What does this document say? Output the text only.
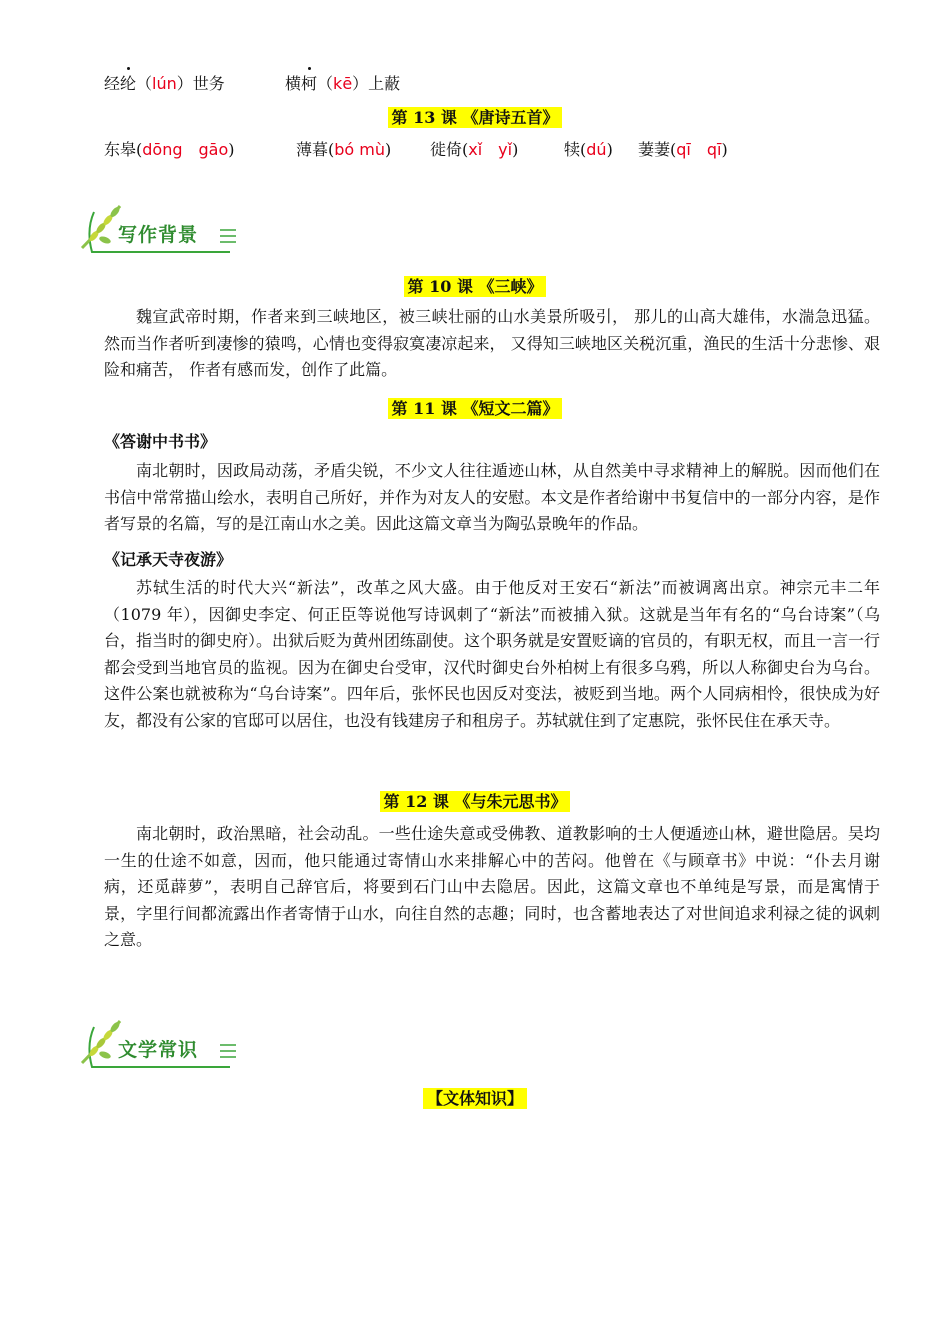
经纶（lún）世务	横柯（kē）上蔽
第 13 课 《唐诗五首》
东皋(dōng　gāo)	薄暮(bó mù) 徙倚(xǐ　yǐ)	犊(dú) 萋萋(qī　qī)
写作背景
第 10 课 《三峡》

魏宣武帝时期，作者来到三峡地区，被三峡壮丽的山水美景所吸引， 那儿的山高大雄伟，水湍急迅猛。 然而当作者听到凄惨的猿鸣，心情也变得寂寞凄凉起来， 又得知三峡地区关税沉重，渔民的生活十分悲惨、艰险和痛苦， 作者有感而发，创作了此篇。

第 11 课 《短文二篇》
《答谢中书书》

南北朝时，因政局动荡，矛盾尖锐，不少文人往往遁迹山林，从自然美中寻求精神上的解脱。因而他们在书信中常常描山绘水，表明自己所好，并作为对友人的安慰。本文是作者给谢中书复信中的一部分内容，是作者写景的名篇，写的是江南山水之美。因此这篇文章当为陶弘景晚年的作品。

《记承天寺夜游》

苏轼生活的时代大兴“新法”，改革之风大盛。由于他反对王安石“新法”而被调离出京。神宗元丰二年（1079 年），因御史李定、何正臣等说他写诗讽刺了“新法”而被捕入狱。这就是当年有名的“乌台诗案”（乌台，指当时的御史府）。出狱后贬为黄州团练副使。这个职务就是安置贬谪的官员的，有职无权，而且一言一行都会受到当地官员的监视。因为在御史台受审，汉代时御史台外柏树上有很多乌鸦，所以人称御史台为乌台。这件公案也就被称为“乌台诗案”。四年后，张怀民也因反对变法，被贬到当地。两个人同病相怜，很快成为好友，都没有公家的官邸可以居住，也没有钱建房子和租房子。苏轼就住到了定惠院，张怀民住在承天寺。

第 12 课 《与朱元思书》

南北朝时，政治黑暗，社会动乱。一些仕途失意或受佛教、道教影响的士人便遁迹山林，避世隐居。吴均一生的仕途不如意，因而，他只能通过寄情山水来排解心中的苦闷。他曾在《与顾章书》中说：“仆去月谢病，还觅薜萝”，表明自己辞官后，将要到石门山中去隐居。因此，这篇文章也不单纯是写景，而是寓情于景，字里行间都流露出作者寄情于山水，向往自然的志趣；同时，也含蓄地表达了对世间追求利禄之徒的讽刺之意。

文学常识
【文体知识】
